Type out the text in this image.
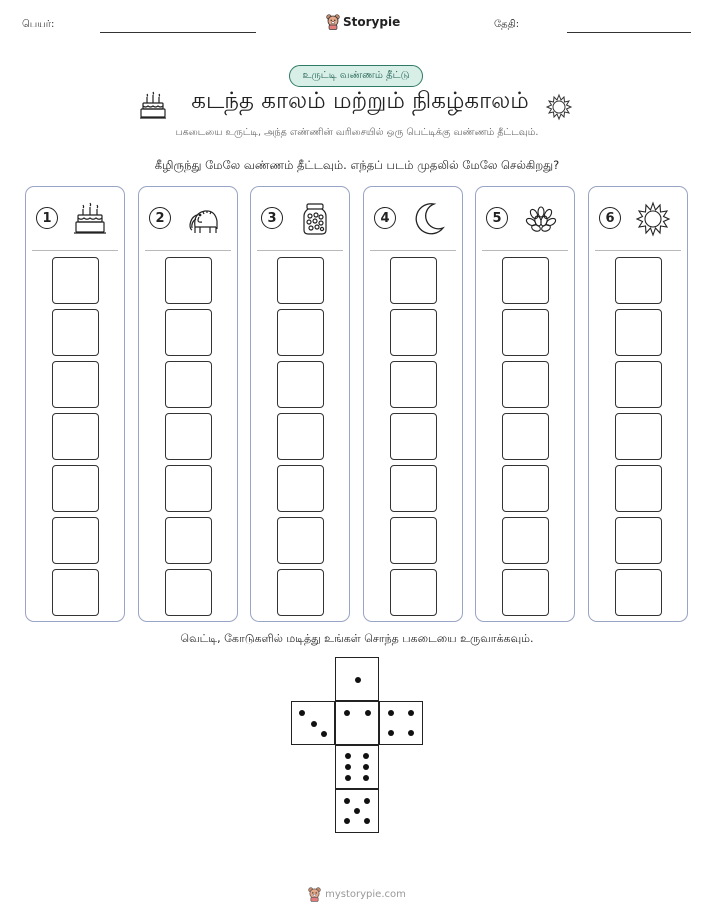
பெயர்:	Storypie	தேதி:
உருட்டி வண்ணம் தீட்டு
கடந்த காலம் மற்றும் நிகழ்காலம்
பகடையை உருட்டி, அந்த எண்ணின் வரிசையில் ஒரு பெட்டிக்கு வண்ணம் தீட்டவும்.
கீழிருந்து மேலே வண்ணம் தீட்டவும். எந்தப் படம் முதலில் மேலே செல்கிறது?
1	2	3	4	5	6
வெட்டி, கோடுகளில் மடித்து உங்கள் சொந்த பகடையை உருவாக்கவும்.
mystorypie.com
